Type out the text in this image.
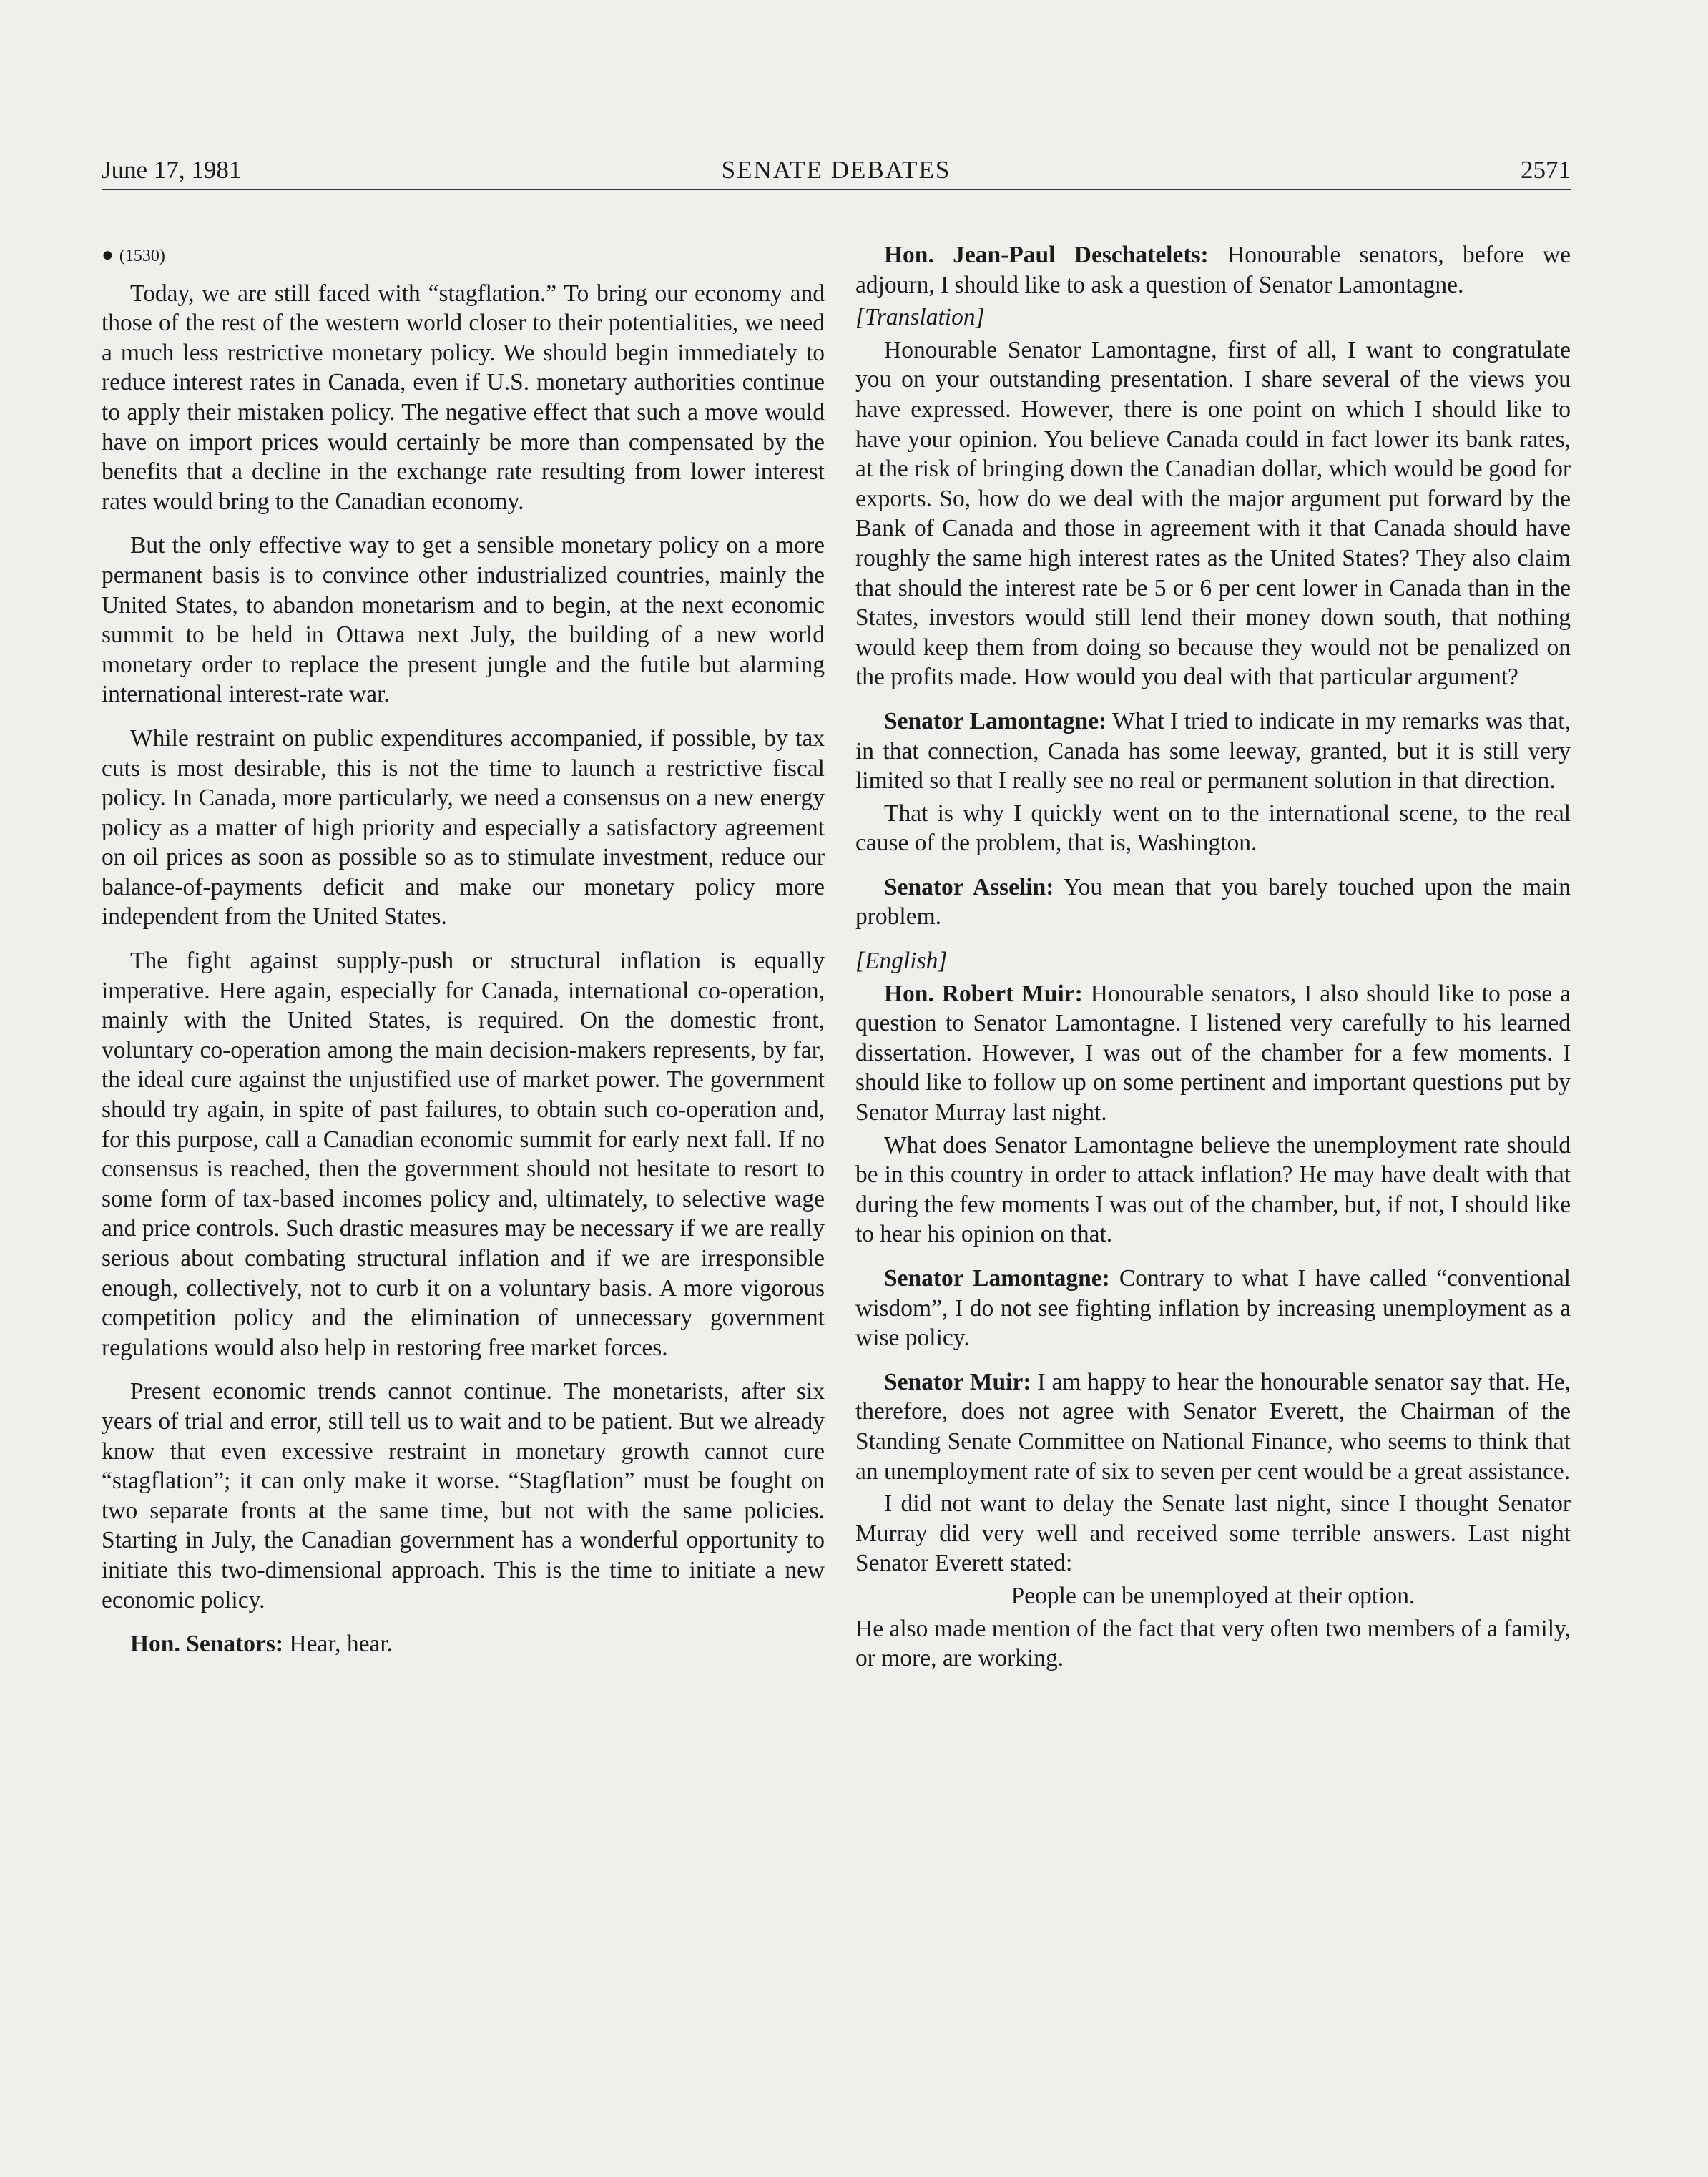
June 17, 1981	SENATE DEBATES	2571

● (1530)

Today, we are still faced with “stagflation.” To bring our economy and those of the rest of the western world closer to their potentialities, we need a much less restrictive monetary policy. We should begin immediately to reduce interest rates in Canada, even if U.S. monetary authorities continue to apply their mistaken policy. The negative effect that such a move would have on import prices would certainly be more than compensated by the benefits that a decline in the exchange rate resulting from lower interest rates would bring to the Canadian economy.

But the only effective way to get a sensible monetary policy on a more permanent basis is to convince other industrialized countries, mainly the United States, to abandon monetarism and to begin, at the next economic summit to be held in Ottawa next July, the building of a new world monetary order to replace the present jungle and the futile but alarming international interest-rate war.

While restraint on public expenditures accompanied, if possible, by tax cuts is most desirable, this is not the time to launch a restrictive fiscal policy. In Canada, more particularly, we need a consensus on a new energy policy as a matter of high priority and especially a satisfactory agreement on oil prices as soon as possible so as to stimulate investment, reduce our balance-of-payments deficit and make our monetary policy more independent from the United States.

The fight against supply-push or structural inflation is equally imperative. Here again, especially for Canada, international co-operation, mainly with the United States, is required. On the domestic front, voluntary co-operation among the main decision-makers represents, by far, the ideal cure against the unjustified use of market power. The government should try again, in spite of past failures, to obtain such co-operation and, for this purpose, call a Canadian economic summit for early next fall. If no consensus is reached, then the government should not hesitate to resort to some form of tax-based incomes policy and, ultimately, to selective wage and price controls. Such drastic measures may be necessary if we are really serious about combating structural inflation and if we are irresponsible enough, collectively, not to curb it on a voluntary basis. A more vigorous competition policy and the elimination of unnecessary government regulations would also help in restoring free market forces.

Present economic trends cannot continue. The monetarists, after six years of trial and error, still tell us to wait and to be patient. But we already know that even excessive restraint in monetary growth cannot cure “stagflation”; it can only make it worse. “Stagflation” must be fought on two separate fronts at the same time, but not with the same policies. Starting in July, the Canadian government has a wonderful opportunity to initiate this two-dimensional approach. This is the time to initiate a new economic policy.

Hon. Senators: Hear, hear.

Hon. Jean-Paul Deschatelets: Honourable senators, before we adjourn, I should like to ask a question of Senator Lamontagne.

[Translation]

Honourable Senator Lamontagne, first of all, I want to congratulate you on your outstanding presentation. I share several of the views you have expressed. However, there is one point on which I should like to have your opinion. You believe Canada could in fact lower its bank rates, at the risk of bringing down the Canadian dollar, which would be good for exports. So, how do we deal with the major argument put forward by the Bank of Canada and those in agreement with it that Canada should have roughly the same high interest rates as the United States? They also claim that should the interest rate be 5 or 6 per cent lower in Canada than in the States, investors would still lend their money down south, that nothing would keep them from doing so because they would not be penalized on the profits made. How would you deal with that particular argument?

Senator Lamontagne: What I tried to indicate in my remarks was that, in that connection, Canada has some leeway, granted, but it is still very limited so that I really see no real or permanent solution in that direction.

That is why I quickly went on to the international scene, to the real cause of the problem, that is, Washington.

Senator Asselin: You mean that you barely touched upon the main problem.

[English]

Hon. Robert Muir: Honourable senators, I also should like to pose a question to Senator Lamontagne. I listened very carefully to his learned dissertation. However, I was out of the chamber for a few moments. I should like to follow up on some pertinent and important questions put by Senator Murray last night.

What does Senator Lamontagne believe the unemployment rate should be in this country in order to attack inflation? He may have dealt with that during the few moments I was out of the chamber, but, if not, I should like to hear his opinion on that.

Senator Lamontagne: Contrary to what I have called “conventional wisdom”, I do not see fighting inflation by increasing unemployment as a wise policy.

Senator Muir: I am happy to hear the honourable senator say that. He, therefore, does not agree with Senator Everett, the Chairman of the Standing Senate Committee on National Finance, who seems to think that an unemployment rate of six to seven per cent would be a great assistance.

I did not want to delay the Senate last night, since I thought Senator Murray did very well and received some terrible answers. Last night Senator Everett stated:

People can be unemployed at their option.

He also made mention of the fact that very often two members of a family, or more, are working.
